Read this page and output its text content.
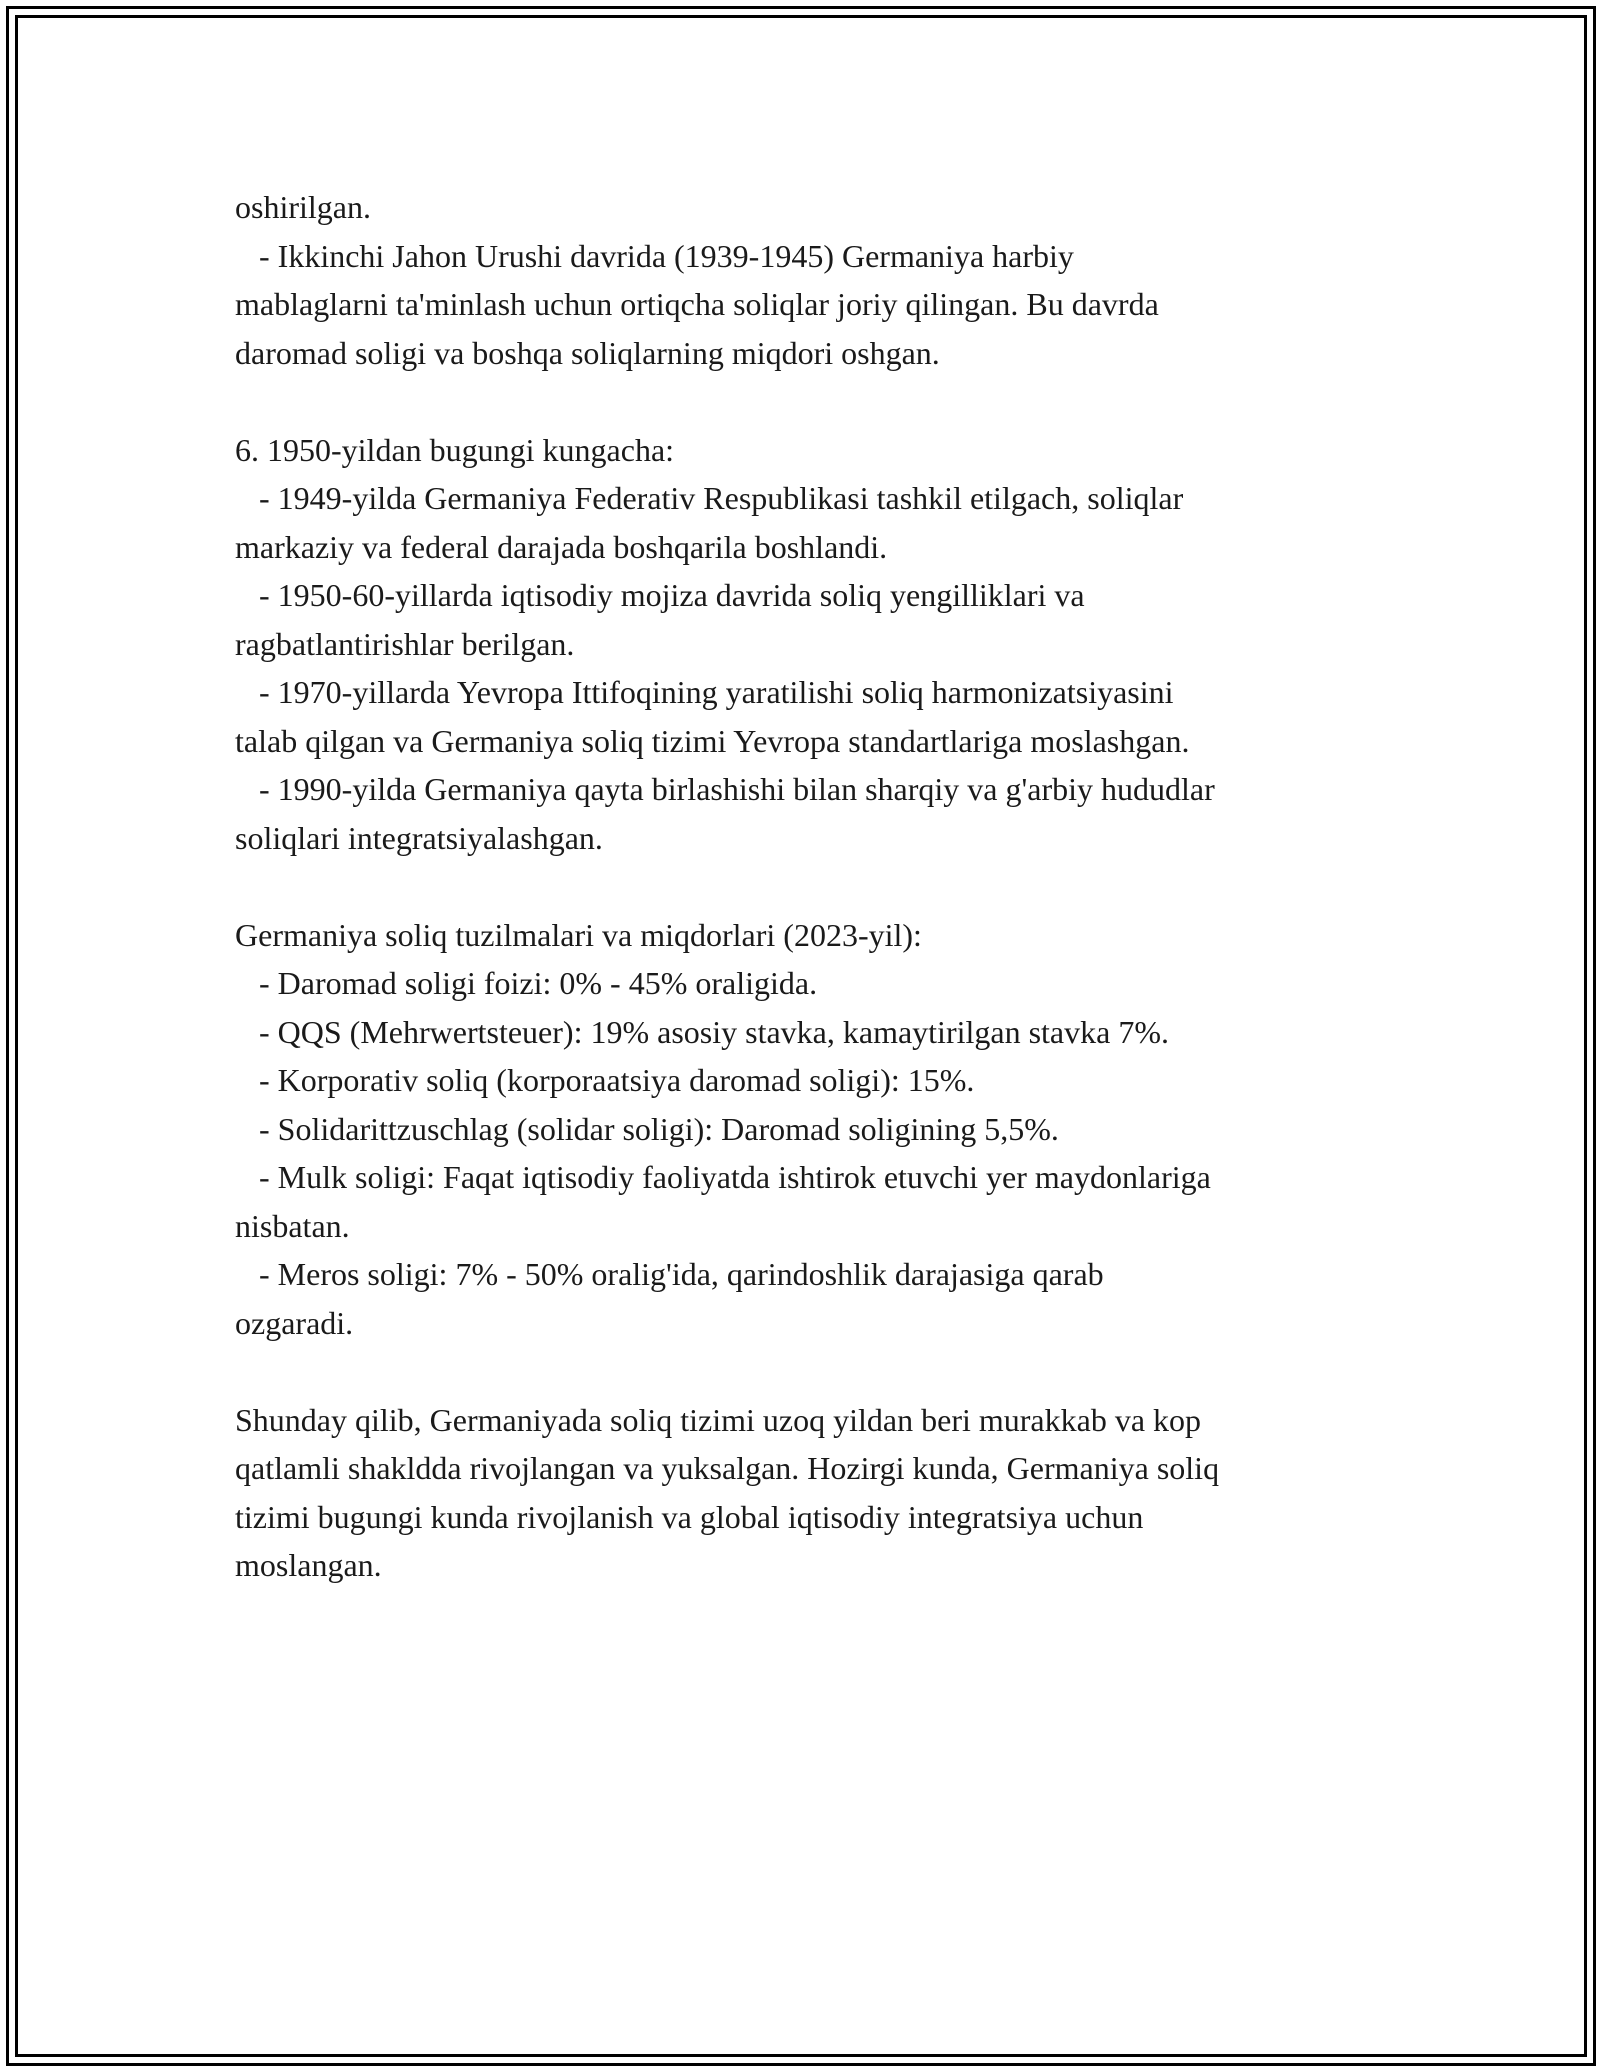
oshirilgan.
- Ikkinchi Jahon Urushi davrida (1939-1945) Germaniya harbiy
mablaglarni ta'minlash uchun ortiqcha soliqlar joriy qilingan. Bu davrda
daromad soligi va boshqa soliqlarning miqdori oshgan.
6. 1950-yildan bugungi kungacha:
- 1949-yilda Germaniya Federativ Respublikasi tashkil etilgach, soliqlar
markaziy va federal darajada boshqarila boshlandi.
- 1950-60-yillarda iqtisodiy mojiza davrida soliq yengilliklari va
ragbatlantirishlar berilgan.
- 1970-yillarda Yevropa Ittifoqining yaratilishi soliq harmonizatsiyasini
talab qilgan va Germaniya soliq tizimi Yevropa standartlariga moslashgan.
- 1990-yilda Germaniya qayta birlashishi bilan sharqiy va g'arbiy hududlar
soliqlari integratsiyalashgan.
Germaniya soliq tuzilmalari va miqdorlari (2023-yil):
- Daromad soligi foizi: 0% - 45% oraligida.
- QQS (Mehrwertsteuer): 19% asosiy stavka, kamaytirilgan stavka 7%.
- Korporativ soliq (korporaatsiya daromad soligi): 15%.
- Solidarittzuschlag (solidar soligi): Daromad soligining 5,5%.
- Mulk soligi: Faqat iqtisodiy faoliyatda ishtirok etuvchi yer maydonlariga
nisbatan.
- Meros soligi: 7% - 50% oralig'ida, qarindoshlik darajasiga qarab
ozgaradi.
Shunday qilib, Germaniyada soliq tizimi uzoq yildan beri murakkab va kop
qatlamli shakldda rivojlangan va yuksalgan. Hozirgi kunda, Germaniya soliq
tizimi bugungi kunda rivojlanish va global iqtisodiy integratsiya uchun
moslangan.
